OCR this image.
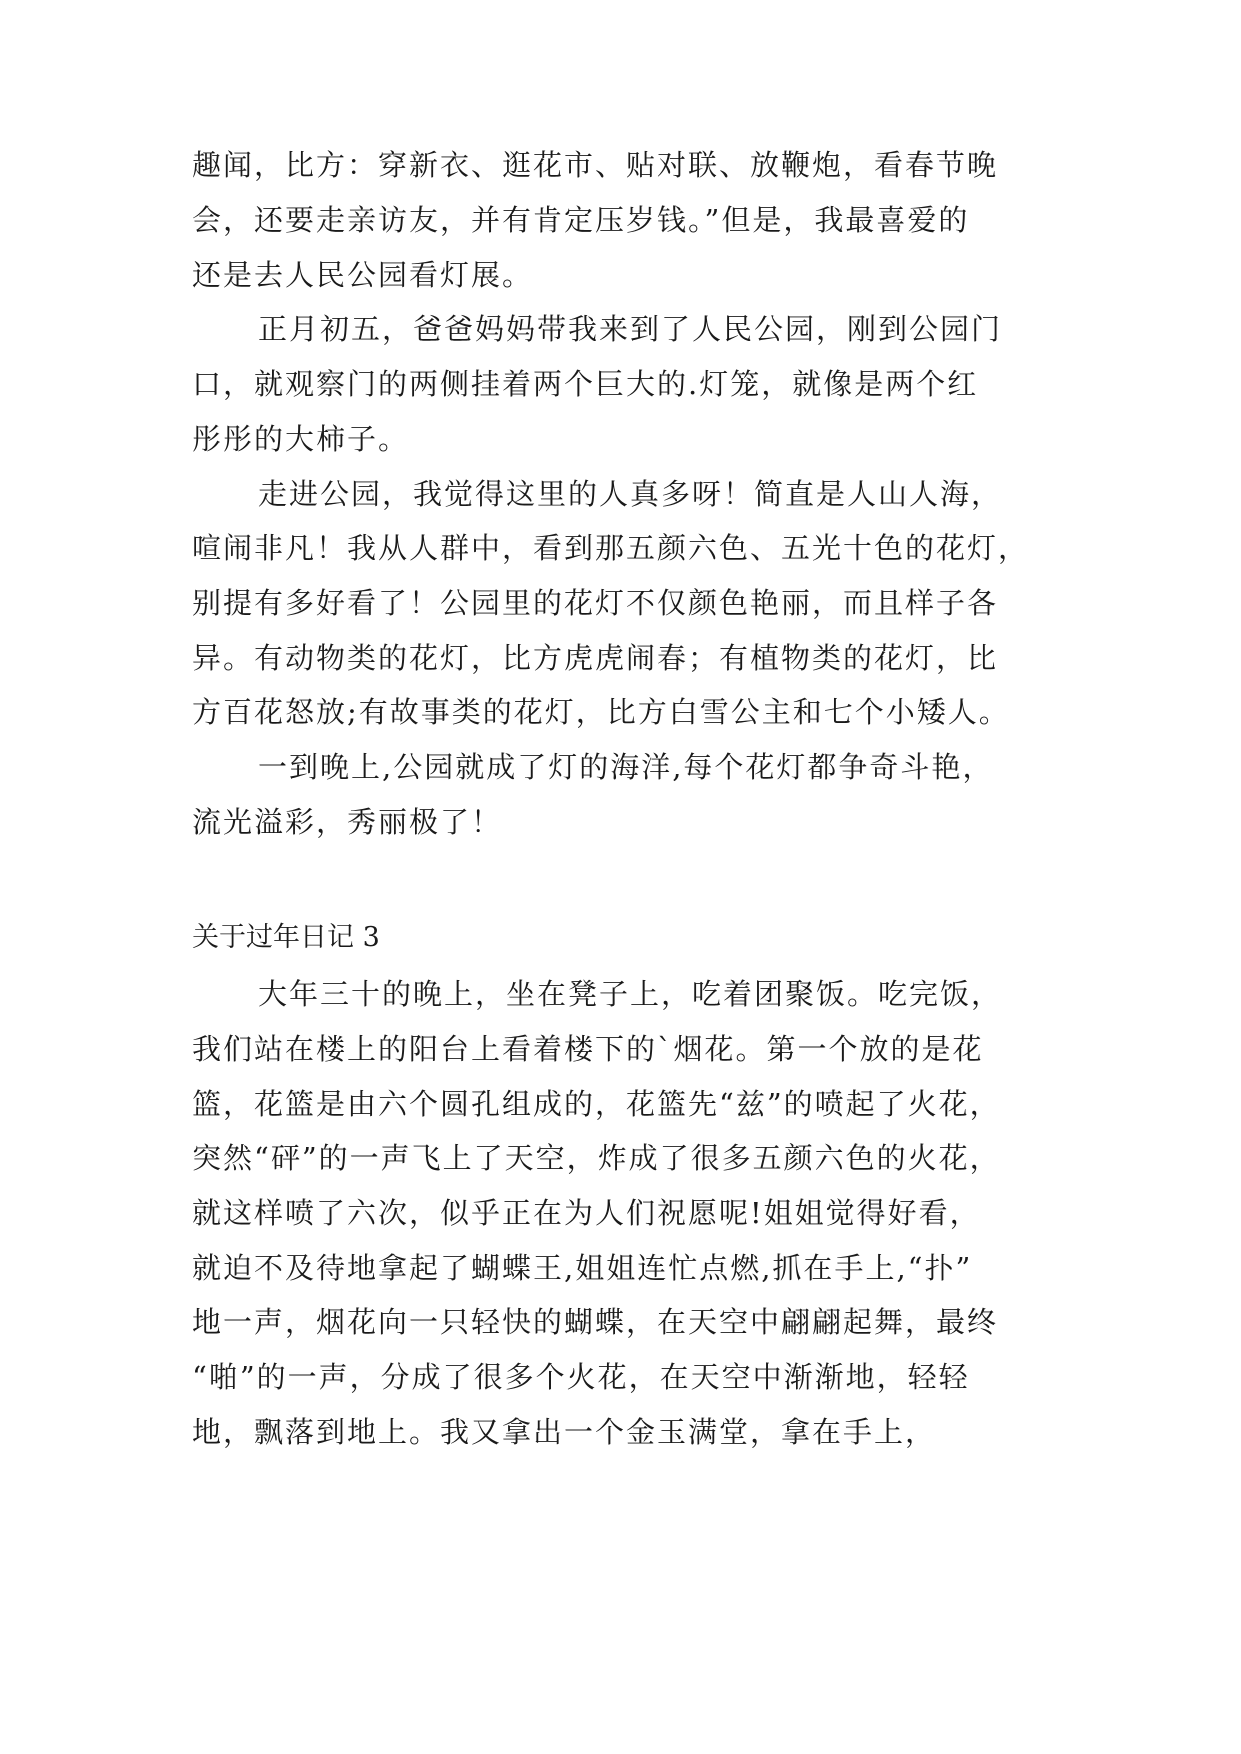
趣闻，比方：穿新衣、逛花市、贴对联、放鞭炮，看春节晚
会，还要走亲访友，并有肯定压岁钱。”但是，我最喜爱的
还是去人民公园看灯展。
正月初五，爸爸妈妈带我来到了人民公园，刚到公园门
口，就观察门的两侧挂着两个巨大的.灯笼，就像是两个红
彤彤的大柿子。
走进公园，我觉得这里的人真多呀！简直是人山人海，
喧闹非凡！我从人群中，看到那五颜六色、五光十色的花灯，
别提有多好看了！公园里的花灯不仅颜色艳丽，而且样子各
异。有动物类的花灯，比方虎虎闹春；有植物类的花灯，比
方百花怒放;有故事类的花灯，比方白雪公主和七个小矮人。
一到晚上,公园就成了灯的海洋,每个花灯都争奇斗艳，
流光溢彩，秀丽极了！
关于过年日记 3
大年三十的晚上，坐在凳子上，吃着团聚饭。吃完饭，
我们站在楼上的阳台上看着楼下的`烟花。第一个放的是花
篮，花篮是由六个圆孔组成的，花篮先“兹”的喷起了火花，
突然“砰”的一声飞上了天空，炸成了很多五颜六色的火花，
就这样喷了六次，似乎正在为人们祝愿呢!姐姐觉得好看，
就迫不及待地拿起了蝴蝶王,姐姐连忙点燃,抓在手上,“扑”
地一声，烟花向一只轻快的蝴蝶，在天空中翩翩起舞，最终
“啪”的一声，分成了很多个火花，在天空中渐渐地，轻轻
地，飘落到地上。我又拿出一个金玉满堂，拿在手上，
